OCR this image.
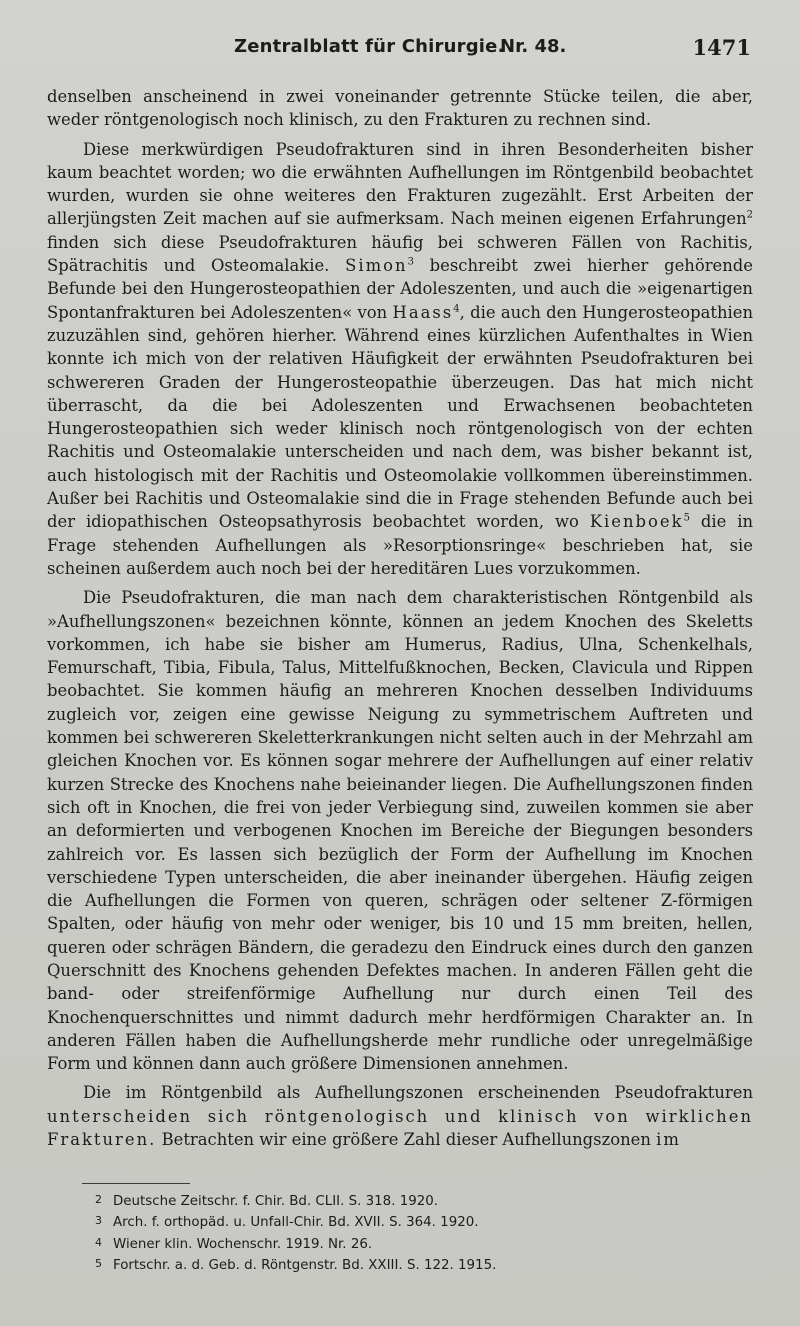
Zentralblatt für Chirurgie.
Nr. 48.	1471

denselben anscheinend in zwei voneinander getrennte Stücke teilen, die aber, weder röntgenologisch noch klinisch, zu den Frakturen zu rechnen sind.

Diese merkwürdigen Pseudofrakturen sind in ihren Besonderheiten bisher kaum beachtet worden; wo die erwähnten Aufhellungen im Röntgenbild beobachtet wurden, wurden sie ohne weiteres den Frakturen zugezählt. Erst Arbeiten der allerjüngsten Zeit machen auf sie aufmerksam. Nach meinen eigenen Erfahrungen$^2$ finden sich diese Pseudofrakturen häufig bei schweren Fällen von Rachitis, Spätrachitis und Osteomalakie. Simon$^3$ beschreibt zwei hierher gehörende Befunde bei den Hungerosteopathien der Adoleszenten, und auch die »eigenartigen Spontanfrakturen bei Adoleszenten« von Haass$^4$, die auch den Hungerosteopathien zuzuzählen sind, gehören hierher. Während eines kürzlichen Aufenthaltes in Wien konnte ich mich von der relativen Häufigkeit der erwähnten Pseudofrakturen bei schwereren Graden der Hungerosteopathie überzeugen. Das hat mich nicht überrascht, da die bei Adoleszenten und Erwachsenen beobachteten Hungerosteopathien sich weder klinisch noch röntgenologisch von der echten Rachitis und Osteomalakie unterscheiden und nach dem, was bisher bekannt ist, auch histologisch mit der Rachitis und Osteomolakie vollkommen übereinstimmen. Außer bei Rachitis und Osteomalakie sind die in Frage stehenden Befunde auch bei der idiopathischen Osteopsathyrosis beobachtet worden, wo Kienboek$^5$ die in Frage stehenden Aufhellungen als »Resorptionsringe« beschrieben hat, sie scheinen außerdem auch noch bei der hereditären Lues vorzukommen.

Die Pseudofrakturen, die man nach dem charakteristischen Röntgenbild als »Aufhellungszonen« bezeichnen könnte, können an jedem Knochen des Skeletts vorkommen, ich habe sie bisher am Humerus, Radius, Ulna, Schenkelhals, Femurschaft, Tibia, Fibula, Talus, Mittelfußknochen, Becken, Clavicula und Rippen beobachtet. Sie kommen häufig an mehreren Knochen desselben Individuums zugleich vor, zeigen eine gewisse Neigung zu symmetrischem Auftreten und kommen bei schwereren Skeletterkrankungen nicht selten auch in der Mehrzahl am gleichen Knochen vor. Es können sogar mehrere der Aufhellungen auf einer relativ kurzen Strecke des Knochens nahe beieinander liegen. Die Aufhellungszonen finden sich oft in Knochen, die frei von jeder Verbiegung sind, zuweilen kommen sie aber an deformierten und verbogenen Knochen im Bereiche der Biegungen besonders zahlreich vor. Es lassen sich bezüglich der Form der Aufhellung im Knochen verschiedene Typen unterscheiden, die aber ineinander übergehen. Häufig zeigen die Aufhellungen die Formen von queren, schrägen oder seltener Z-förmigen Spalten, oder häufig von mehr oder weniger, bis 10 und 15 mm breiten, hellen, queren oder schrägen Bändern, die geradezu den Eindruck eines durch den ganzen Querschnitt des Knochens gehenden Defektes machen. In anderen Fällen geht die band- oder streifenförmige Aufhellung nur durch einen Teil des Knochenquerschnittes und nimmt dadurch mehr herdförmigen Charakter an. In anderen Fällen haben die Aufhellungsherde mehr rundliche oder unregelmäßige Form und können dann auch größere Dimensionen annehmen.

Die im Röntgenbild als Aufhellungszonen erscheinenden Pseudofrakturen unterscheiden sich röntgenologisch und klinisch von wirklichen Frakturen. Betrachten wir eine größere Zahl dieser Aufhellungszonen im

2 Deutsche Zeitschr. f. Chir. Bd. CLII. S. 318. 1920.
3 Arch. f. orthopäd. u. Unfall-Chir. Bd. XVII. S. 364. 1920.
4 Wiener klin. Wochenschr. 1919. Nr. 26.
5 Fortschr. a. d. Geb. d. Röntgenstr. Bd. XXIII. S. 122. 1915.
